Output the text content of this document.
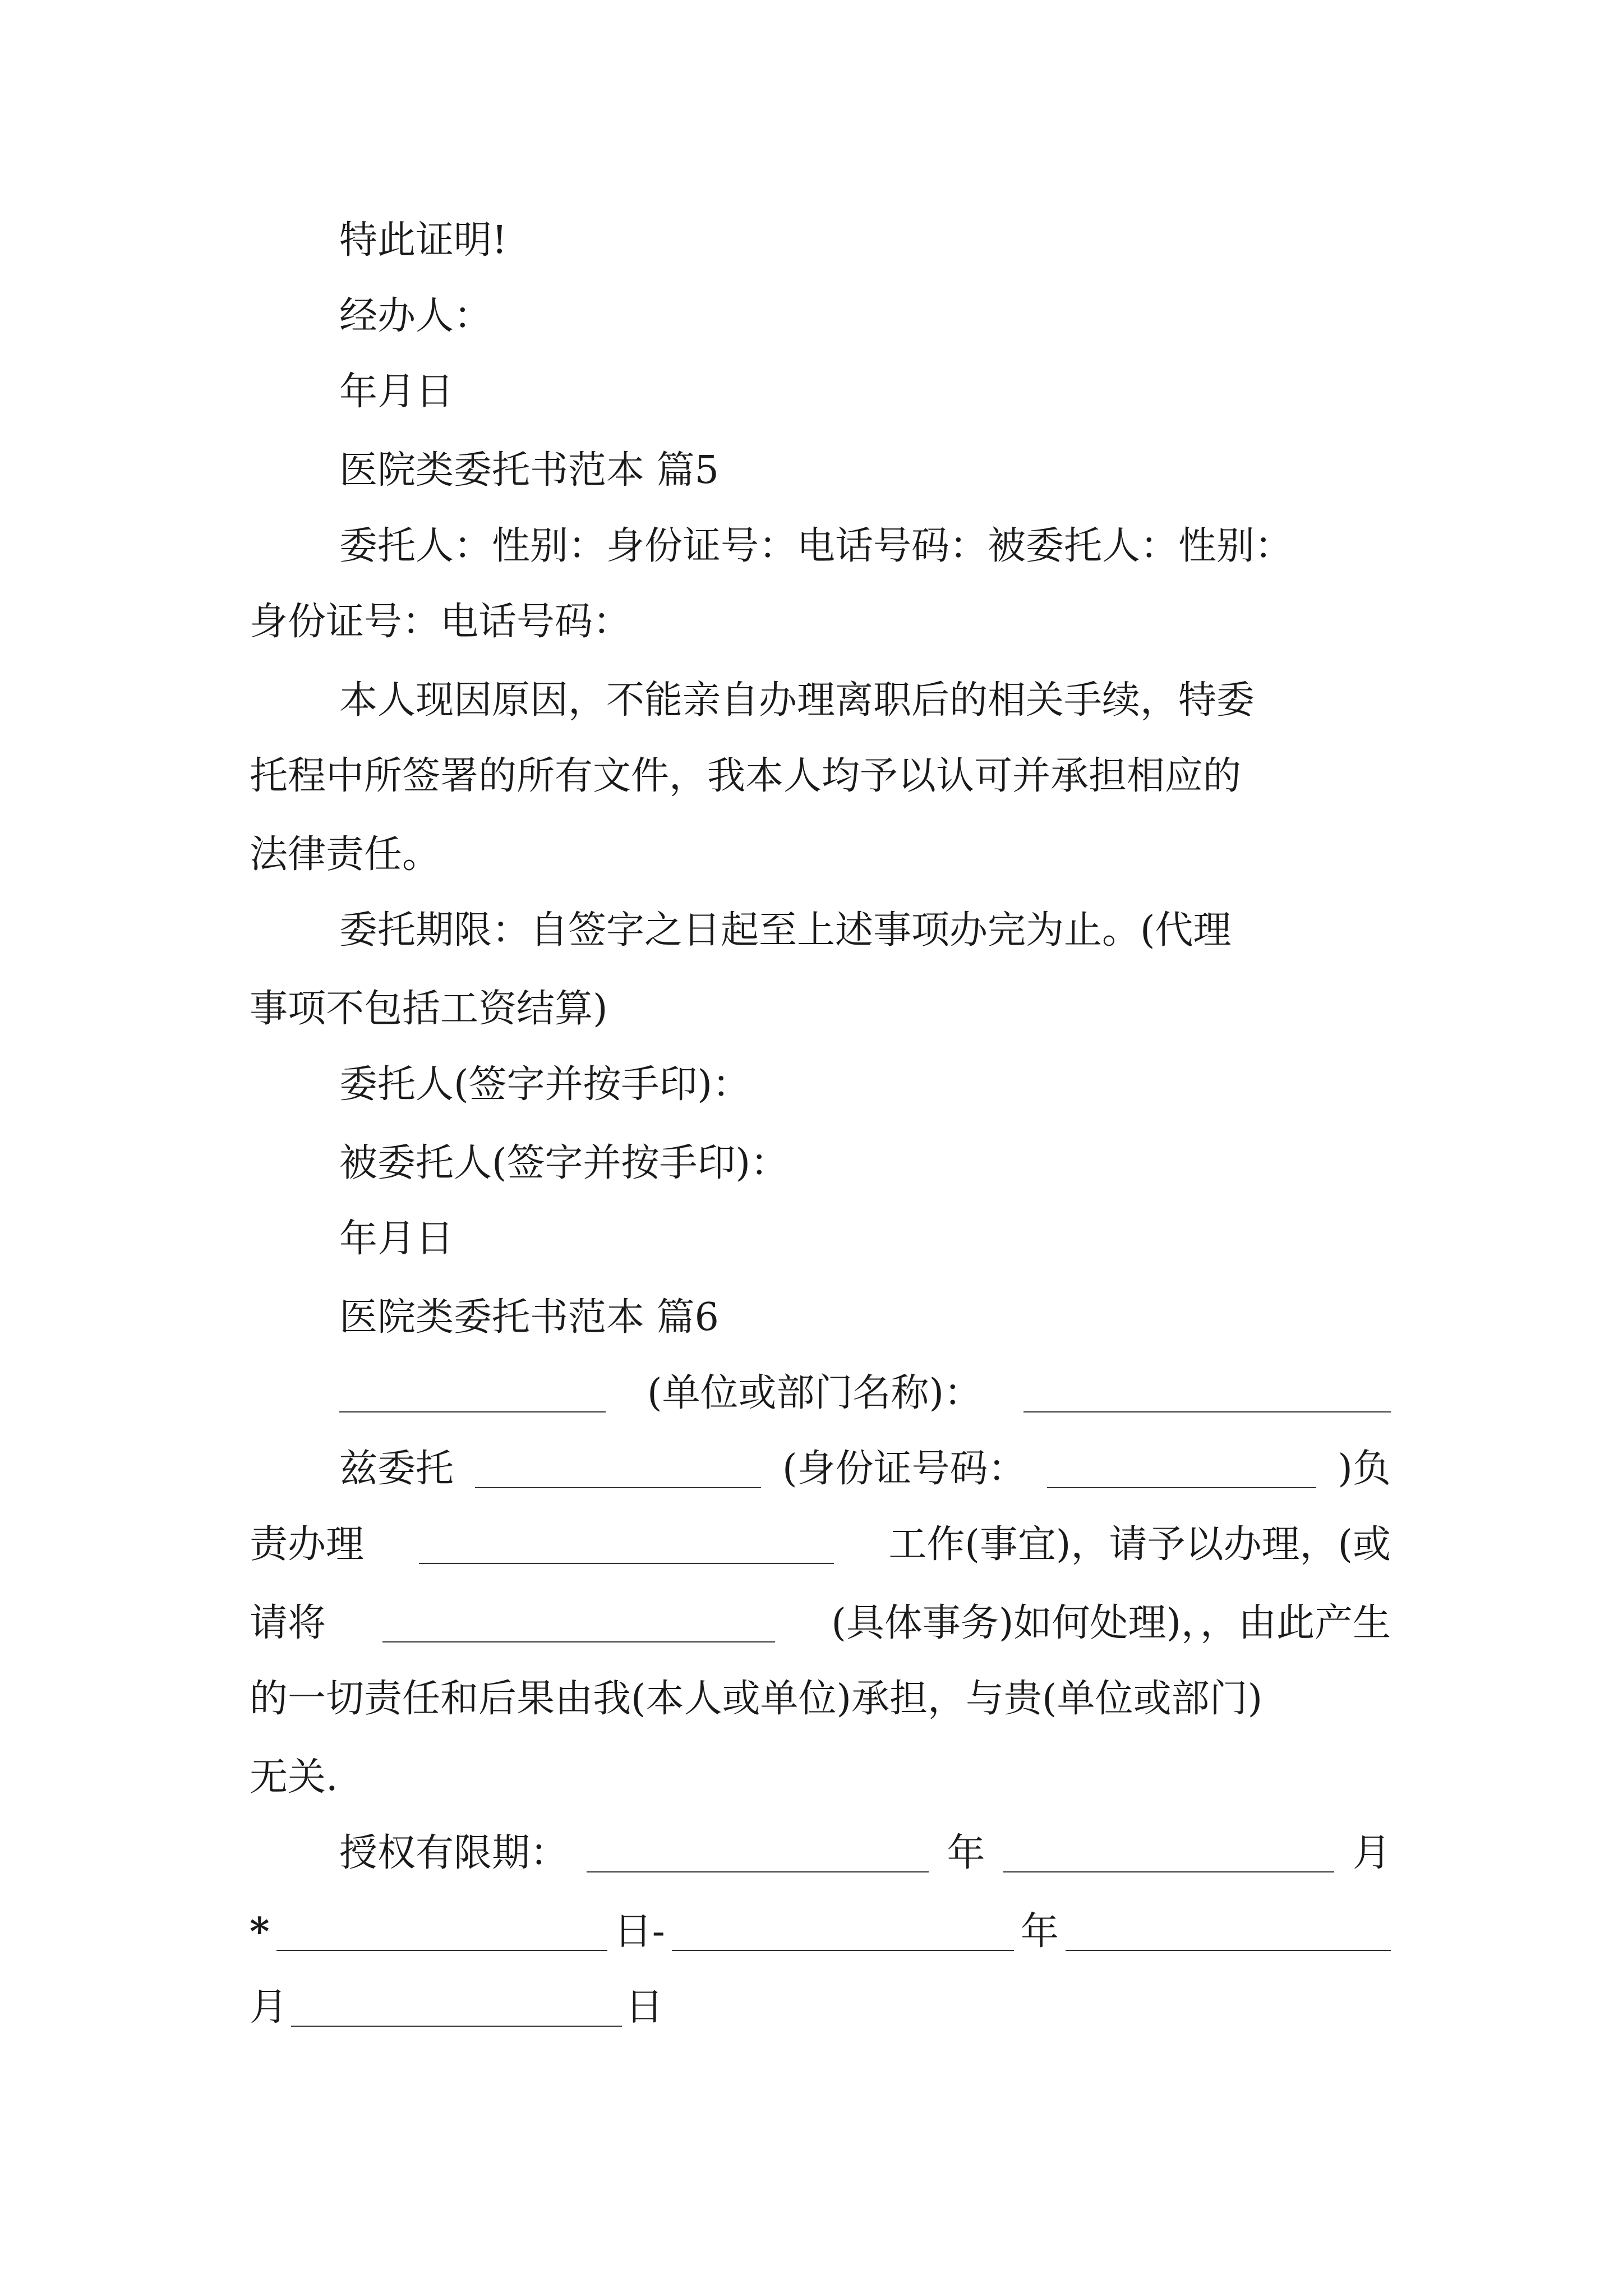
特此证明!
经办人：
年月日
医院类委托书范本 篇5
委托人：性别：身份证号：电话号码：被委托人：性别：
身份证号：电话号码：
本人现因原因，不能亲自办理离职后的相关手续，特委
托程中所签署的所有文件，我本人均予以认可并承担相应的
法律责任。
委托期限：自签字之日起至上述事项办完为止。(代理
事项不包括工资结算)
委托人(签字并按手印)：
被委托人(签字并按手印)：
年月日
医院类委托书范本 篇6
(单位或部门名称)：
兹委托	(身份证号码：	)负
责办理	工作(事宜)，请予以办理，(或
请将	(具体事务)如何处理)，，由此产生
的一切责任和后果由我(本人或单位)承担，与贵(单位或部门)
无关.
授权有限期：	年	月
*	日-	年
月	日
